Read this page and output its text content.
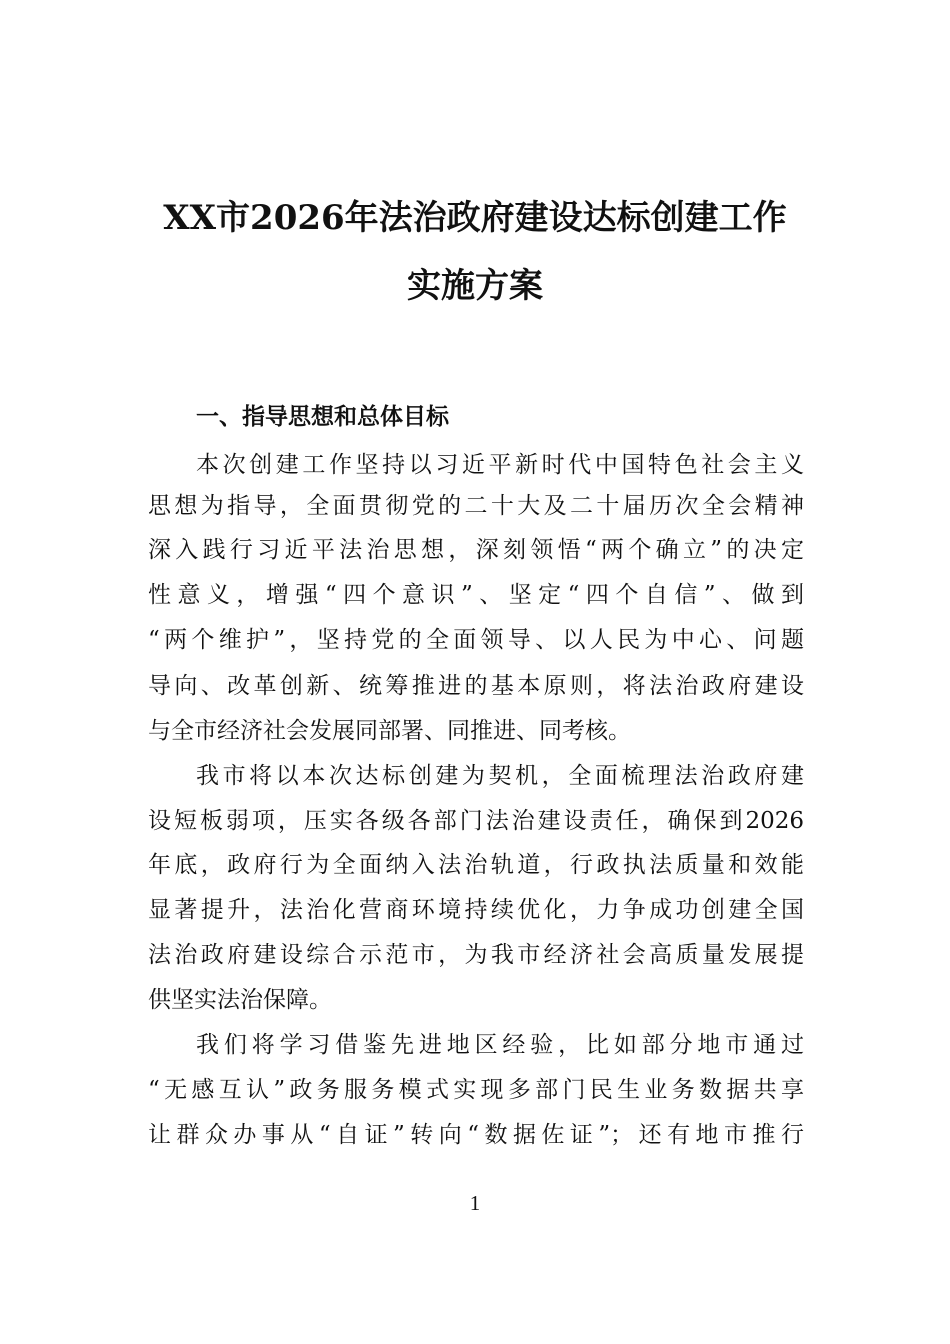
XX市2026年法治政府建设达标创建工作
实施方案
一、指导思想和总体目标
本次创建工作坚持以习近平新时代中国特色社会主义
思想为指导，全面贯彻党的二十大及二十届历次全会精神
深入践行习近平法治思想，深刻领悟“两个确立”的决定
性意义，增强“四个意识”、坚定“四个自信”、做到
“两个维护”，坚持党的全面领导、以人民为中心、问题
导向、改革创新、统筹推进的基本原则，将法治政府建设
与全市经济社会发展同部署、同推进、同考核。
我市将以本次达标创建为契机，全面梳理法治政府建
设短板弱项，压实各级各部门法治建设责任，确保到2026
年底，政府行为全面纳入法治轨道，行政执法质量和效能
显著提升，法治化营商环境持续优化，力争成功创建全国
法治政府建设综合示范市，为我市经济社会高质量发展提
供坚实法治保障。
我们将学习借鉴先进地区经验，比如部分地市通过
“无感互认”政务服务模式实现多部门民生业务数据共享
让群众办事从“自证”转向“数据佐证”；还有地市推行
1
